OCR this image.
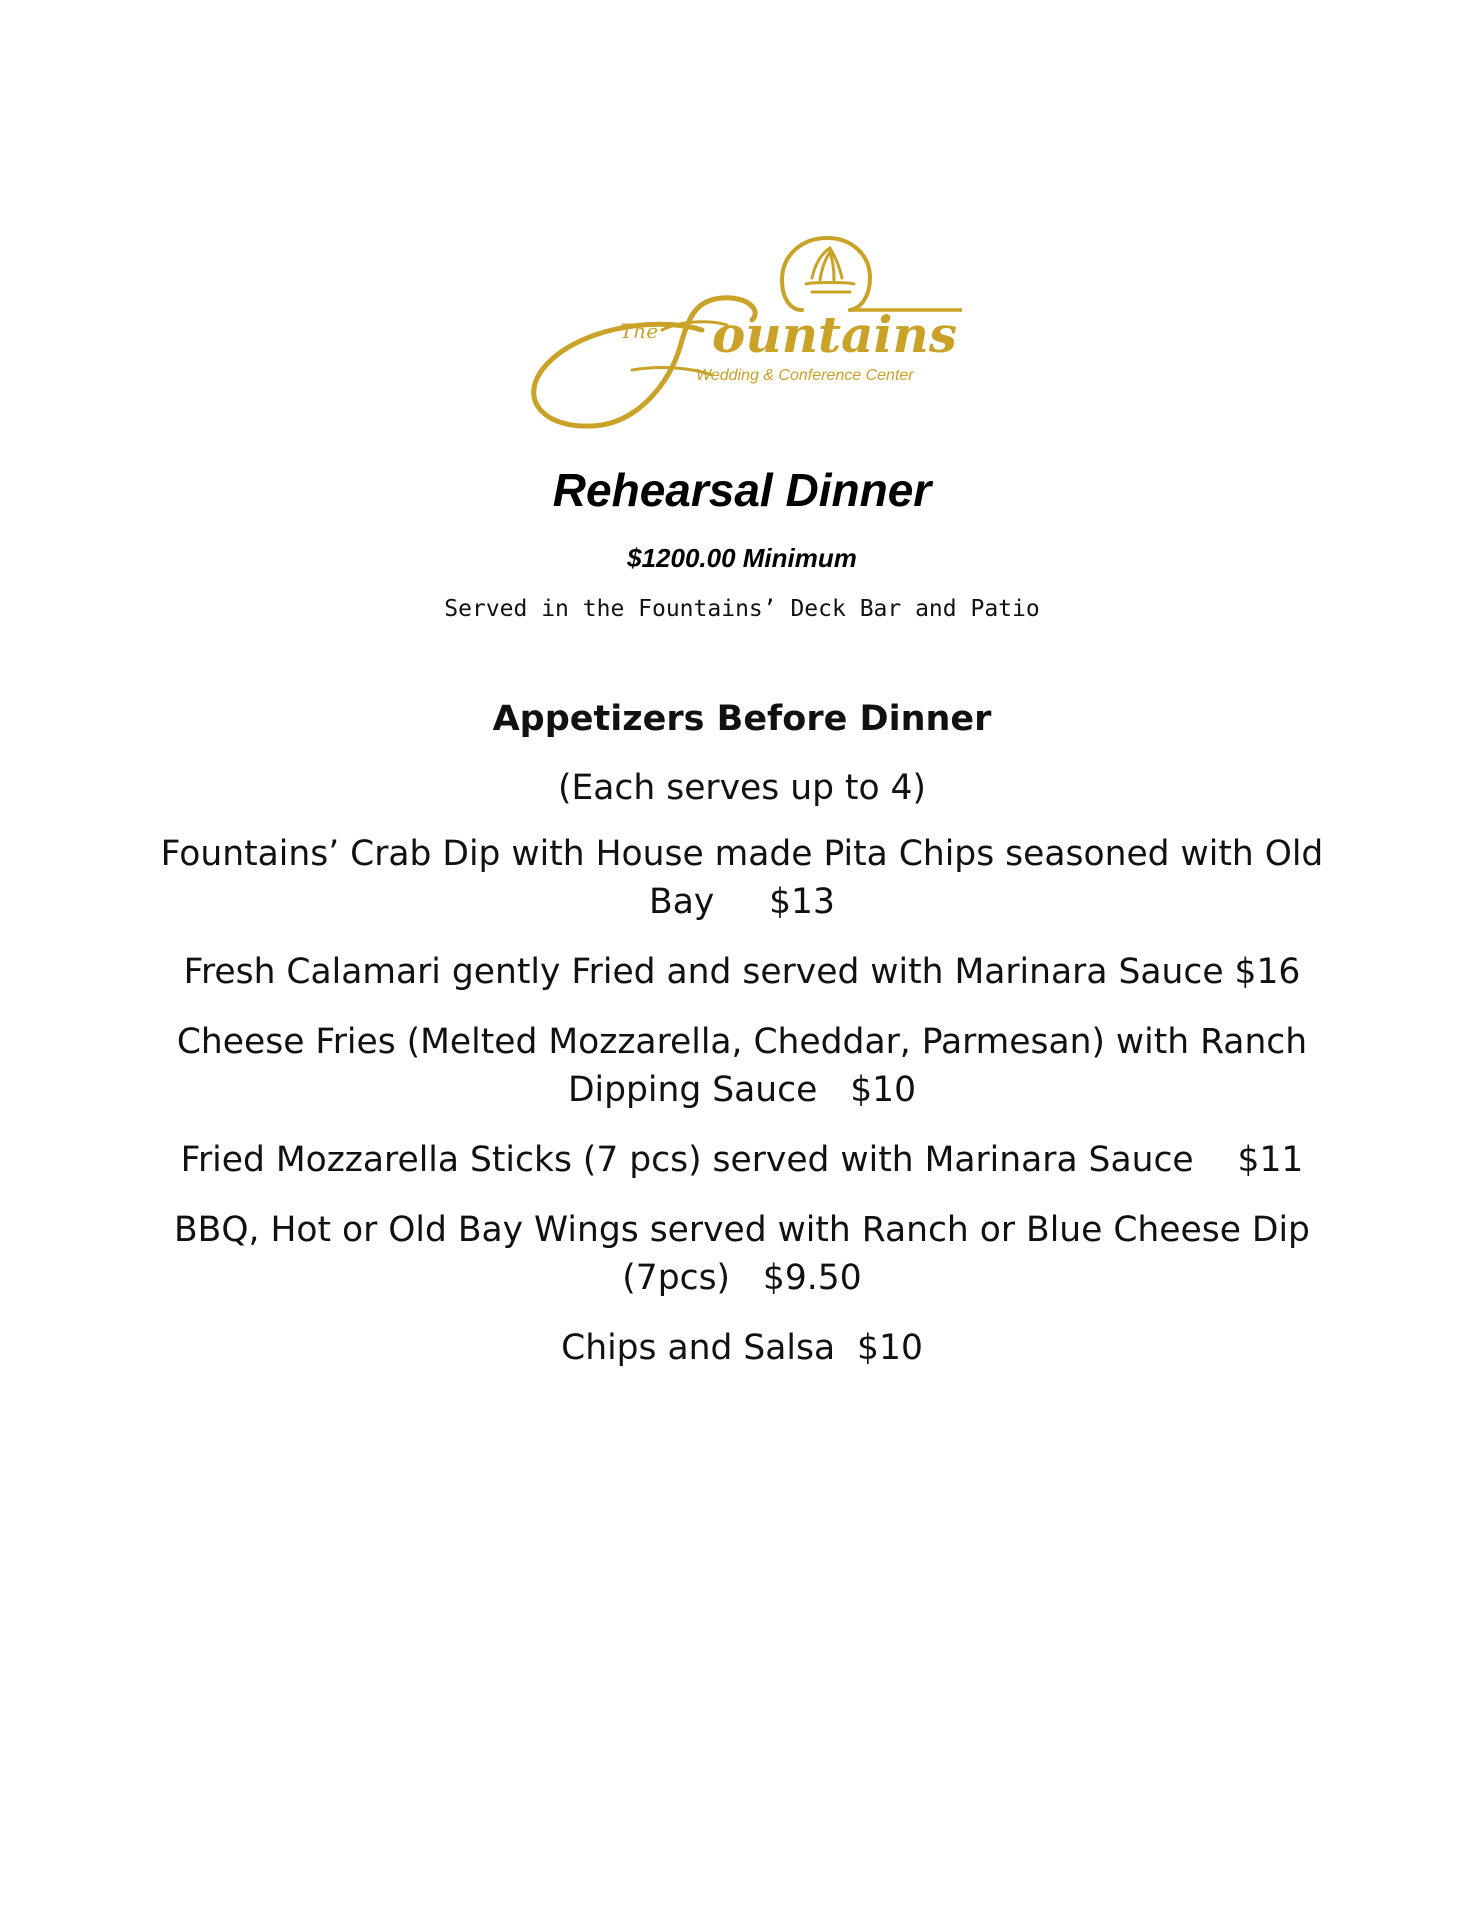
The ountains
Wedding & Conference Center
Rehearsal Dinner
$1200.00 Minimum
Served in the Fountains’ Deck Bar and Patio
Appetizers Before Dinner

(Each serves up to 4)

Fountains’ Crab Dip with House made Pita Chips seasoned with Old Bay     $13

Fresh Calamari gently Fried and served with Marinara Sauce $16

Cheese Fries (Melted Mozzarella, Cheddar, Parmesan) with Ranch Dipping Sauce   $10

Fried Mozzarella Sticks (7 pcs) served with Marinara Sauce    $11

BBQ, Hot or Old Bay Wings served with Ranch or Blue Cheese Dip (7pcs)   $9.50

Chips and Salsa  $10
